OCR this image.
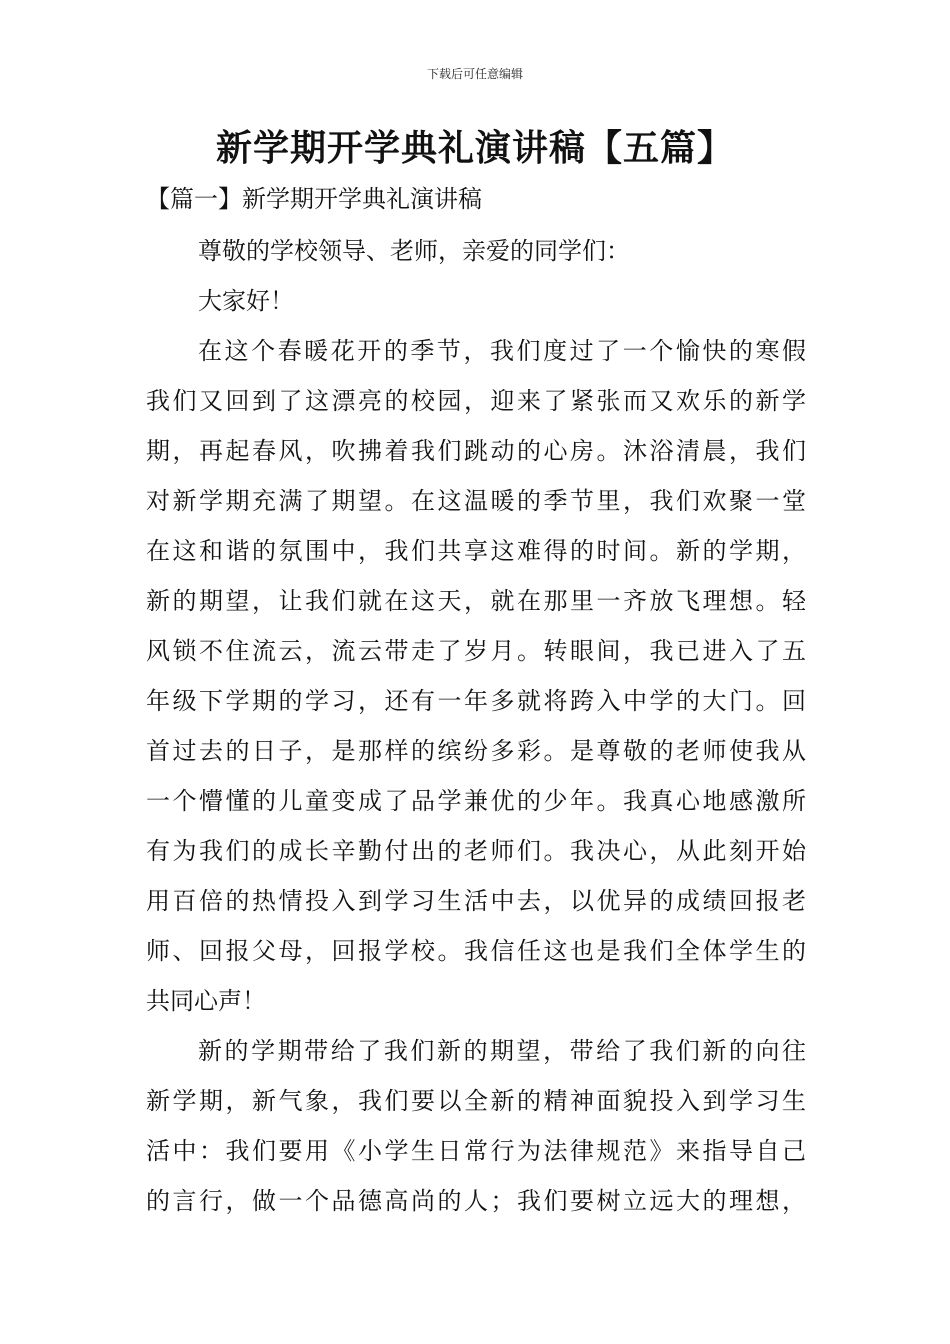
下载后可任意编辑
新学期开学典礼演讲稿【五篇】
【篇一】新学期开学典礼演讲稿

尊敬的学校领导、老师，亲爱的同学们：

大家好！

在这个春暖花开的季节，我们度过了一个愉快的寒假
我们又回到了这漂亮的校园，迎来了紧张而又欢乐的新学
期，再起春风，吹拂着我们跳动的心房。沐浴清晨，我们
对新学期充满了期望。在这温暖的季节里，我们欢聚一堂
在这和谐的氛围中，我们共享这难得的时间。新的学期，
新的期望，让我们就在这天，就在那里一齐放飞理想。轻
风锁不住流云，流云带走了岁月。转眼间，我已进入了五
年级下学期的学习，还有一年多就将跨入中学的大门。回
首过去的日子，是那样的缤纷多彩。是尊敬的老师使我从
一个懵懂的儿童变成了品学兼优的少年。我真心地感激所
有为我们的成长辛勤付出的老师们。我决心，从此刻开始
用百倍的热情投入到学习生活中去，以优异的成绩回报老
师、回报父母，回报学校。我信任这也是我们全体学生的
共同心声！
新的学期带给了我们新的期望，带给了我们新的向往
新学期，新气象，我们要以全新的精神面貌投入到学习生
活中：我们要用《小学生日常行为法律规范》来指导自己
的言行，做一个品德高尚的人；我们要树立远大的理想，
